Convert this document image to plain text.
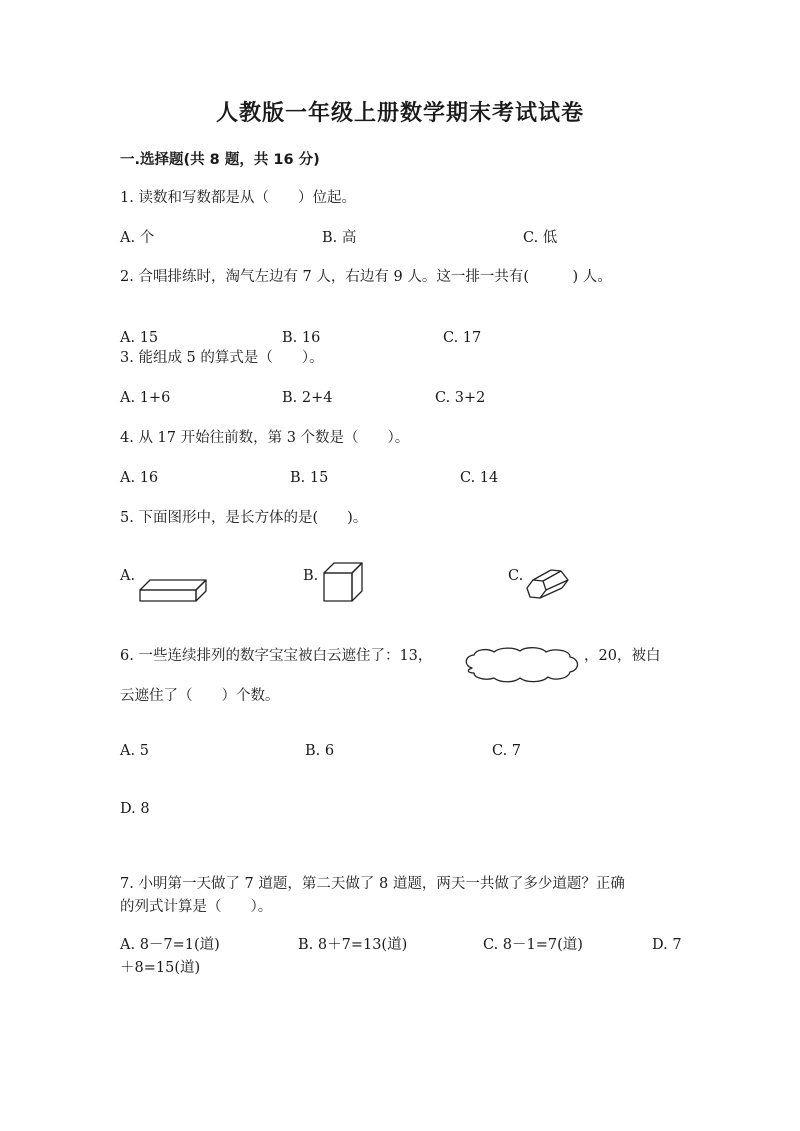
人教版一年级上册数学期末考试试卷
一.选择题(共 8 题，共 16 分)
1. 读数和写数都是从（　　）位起。
A. 个	B. 高	C. 低
2. 合唱排练时，淘气左边有 7 人，右边有 9 人。这一排一共有(　　　) 人。
A. 15	B. 16	C. 17
3. 能组成 5 的算式是（　　）。
A. 1+6	B. 2+4	C. 3+2
4. 从 17 开始往前数，第 3 个数是（　　）。
A. 16	B. 15	C. 14
5. 下面图形中，是长方体的是(　　)。
A.	B.	C.
6. 一些连续排列的数字宝宝被白云遮住了：13，	，20，被白
云遮住了（　　）个数。
A. 5	B. 6	C. 7
D. 8
7. 小明第一天做了 7 道题，第二天做了 8 道题，两天一共做了多少道题？正确
的列式计算是（　　）。
A. 8－7=1(道)	B. 8＋7=13(道)	C. 8－1=7(道)	D. 7
＋8=15(道)
